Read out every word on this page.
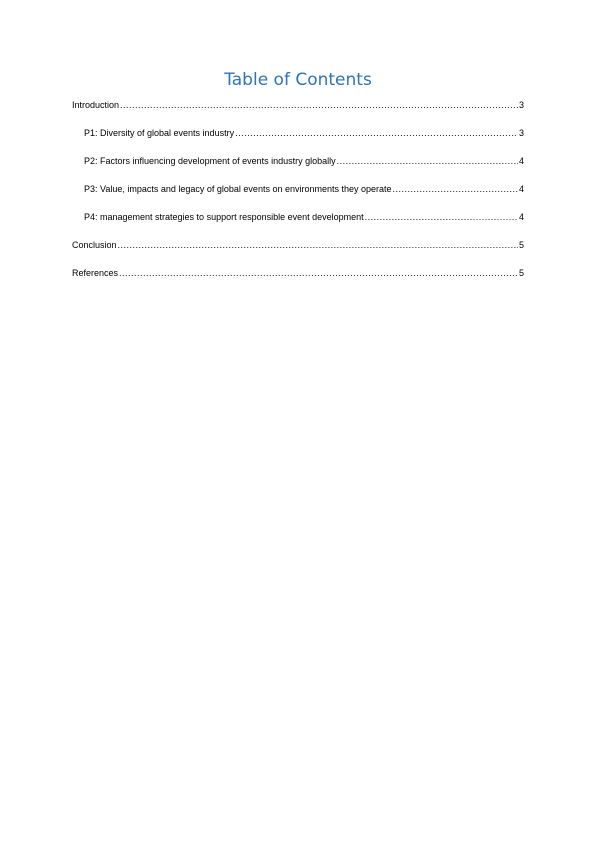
Table of Contents
Introduction .....	3
P1: Diversity of global events industry .....	3
P2: Factors influencing development of events industry globally .....	4
P3: Value, impacts and legacy of global events on environments they operate .....	4
P4: management strategies to support responsible event development .....	4
Conclusion .....	5
References .....	5
